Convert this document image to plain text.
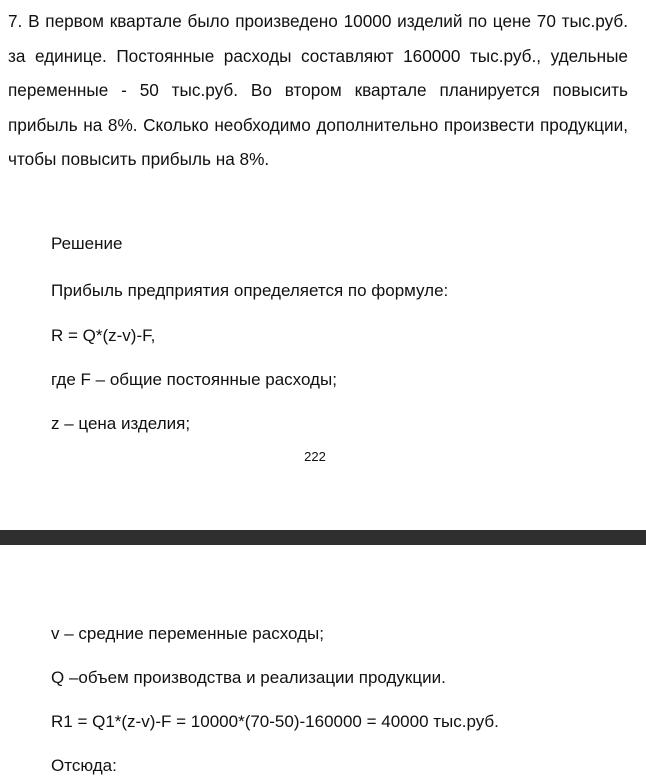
7. В первом квартале было произведено 10000 изделий по цене 70 тыс.руб. за единице. Постоянные расходы составляют 160000 тыс.руб., удельные переменные - 50 тыс.руб. Во втором квартале планируется повысить прибыль на 8%. Сколько необходимо дополнительно произвести продукции, чтобы повысить прибыль на 8%.

Решение

Прибыль предприятия определяется по формуле:

R = Q*(z-v)-F,

где F – общие постоянные расходы;

z – цена изделия;

222

v – средние переменные расходы;

Q –объем производства и реализации продукции.

R1 = Q1*(z-v)-F = 10000*(70-50)-160000 = 40000 тыс.руб.

Отсюда:
